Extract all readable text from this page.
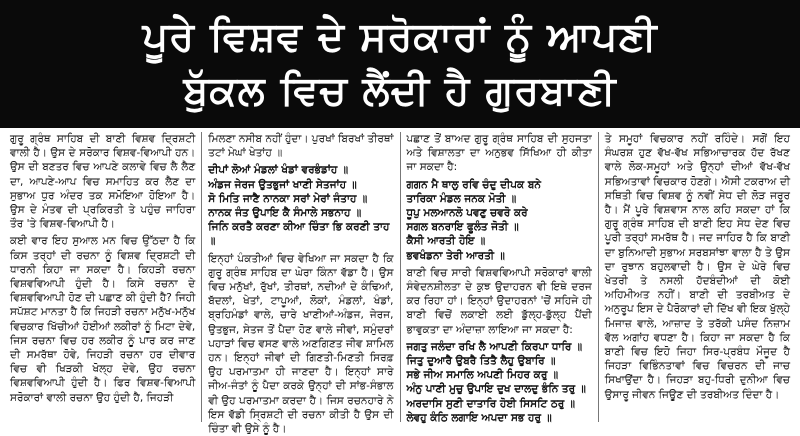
ਪੂਰੇ ਵਿਸ਼ਵ ਦੇ ਸਰੋਕਾਰਾਂ ਨੂੰ ਆਪਣੀ
ਬੁੱਕਲ ਵਿਚ ਲੈਂਦੀ ਹੈ ਗੁਰਬਾਣੀ

ਗੁਰੂ ਗ੍ਰੰਥ ਸਾਹਿਬ ਦੀ ਬਾਣੀ ਵਿਸ਼ਵ ਦ੍ਰਿਸ਼ਟੀ ਵਾਲੀ ਹੈ। ਉਸ ਦੇ ਸਰੋਕਾਰ ਵਿਸ਼ਵ-ਵਿਆਪੀ ਹਨ। ਉਸ ਦੀ ਬਣਤਰ ਵਿਚ ਆਪਣੇ ਕਲਾਵੇ ਵਿਚ ਲੈ ਲੈਣ ਦਾ, ਆਪਣੇ-ਆਪ ਵਿਚ ਸਮਾਹਿਤ ਕਰ ਲੈਣ ਦਾ ਸੁਭਾਅ ਧੁਰ ਅੰਦਰ ਤਕ ਸਮੋਇਆ ਹੋਇਆ ਹੈ। ਉਸ ਦੇ ਮੰਤਵ ਦੀ ਪ੍ਰਕਿਰਤੀ ਤੇ ਪਹੁੰਚ ਜਾਹਿਰਾ ਤੌਰ 'ਤੇ ਵਿਸ਼ਵ-ਵਿਆਪੀ ਹੈ।

ਕਈ ਵਾਰ ਇਹ ਸੁਆਲ ਮਨ ਵਿਚ ਉੱਠਦਾ ਹੈ ਕਿ ਕਿਸ ਤਰ੍ਹਾਂ ਦੀ ਰਚਨਾ ਨੂੰ ਵਿਸ਼ਵ ਦ੍ਰਿਸ਼ਟੀ ਦੀ ਧਾਰਨੀ ਕਿਹਾ ਜਾ ਸਕਦਾ ਹੈ। ਕਿਹੜੀ ਰਚਨਾ ਵਿਸ਼ਵਵਿਆਪੀ ਹੁੰਦੀ ਹੈ। ਕਿਸੇ ਰਚਨਾ ਦੇ ਵਿਸ਼ਵਵਿਆਪੀ ਹੋਣ ਦੀ ਪਛਾਣ ਕੀ ਹੁੰਦੀ ਹੈ? ਜਿਹੀ ਸਪੱਸ਼ਟ ਮਾਨਤਾ ਹੈ ਕਿ ਜਿਹੜੀ ਰਚਨਾ ਮਨੁੱਖ-ਮਨੁੱਖ ਵਿਚਕਾਰ ਖਿੱਚੀਆਂ ਹੋਈਆਂ ਲਕੀਰਾਂ ਨੂੰ ਮਿਟਾ ਦੇਵੇ, ਜਿਸ ਰਚਨਾ ਵਿਚ ਹਰ ਲਕੀਰ ਨੂੰ ਪਾਰ ਕਰ ਜਾਣ ਦੀ ਸਮਰੱਥਾ ਹੋਵੇ, ਜਿਹੜੀ ਰਚਨਾ ਹਰ ਦੀਵਾਰ ਵਿਚ ਵੀ ਖਿੜਕੀ ਖੋਲ੍ਹ ਦੇਵੇ, ਉਹ ਰਚਨਾ ਵਿਸ਼ਵਵਿਆਪੀ ਹੁੰਦੀ ਹੈ। ਫਿਰ ਵਿਸ਼ਵ-ਵਿਆਪੀ ਸਰੋਕਾਰਾਂ ਵਾਲੀ ਰਚਨਾ ਉਹ ਹੁੰਦੀ ਹੈ, ਜਿਹੜੀ

ਮਿਲਣਾ ਨਸੀਬ ਨਹੀਂ ਹੁੰਦਾ। ਪੁਰਖਾਂ ਬਿਰਖਾਂ ਤੀਰਥਾਂ ਤਟਾਂ ਮੇਘਾਂ ਖੇਤਾਂਹ ॥

ਦੀਪਾਂ ਲੋਆਂ ਮੰਡਲਾਂ ਖੰਡਾਂ ਵਰਭੰਡਾਂਹ ॥

ਅੰਡਜ ਜੇਰਜ ਉਤਭੁਜਾਂ ਖਾਣੀ ਸੇਤਜਾਂਹ ॥

ਸੋ ਮਿਤਿ ਜਾਣੈ ਨਾਨਕਾ ਸਰਾਂ ਮੇਰਾਂ ਜੰਤਾਹ ॥

ਨਾਨਕ ਜੰਤ ਉਪਾਇ ਕੈ ਸੰਮਾਲੇ ਸਭਨਾਹ ॥

ਜਿਨਿ ਕਰਤੈ ਕਰਣਾ ਕੀਆ ਚਿੰਤਾ ਭਿ ਕਰਣੀ ਤਾਹ ॥

ਇਨ੍ਹਾਂ ਪੰਕਤੀਆਂ ਵਿਚ ਵੇਖਿਆ ਜਾ ਸਕਦਾ ਹੈ ਕਿ ਗੁਰੂ ਗ੍ਰੰਥ ਸਾਹਿਬ ਦਾ ਘੇਰਾ ਕਿੰਨਾ ਵੱਡਾ ਹੈ। ਉਸ ਵਿਚ ਮਨੁੱਖਾਂ, ਰੁੱਖਾਂ, ਤੀਰਥਾਂ, ਨਦੀਆਂ ਦੇ ਕੰਢਿਆਂ, ਬੱਦਲਾਂ, ਖੇਤਾਂ, ਟਾਪੂਆਂ, ਲੋਕਾਂ, ਮੰਡਲਾਂ, ਖੰਡਾਂ, ਬ੍ਰਹਿਮੰਡਾਂ ਵਾਲੇ, ਚਾਰੇ ਖਾਣੀਆਂ-ਅੰਡਜ, ਜੇਰਜ, ਉਤਭੁਜ, ਸੇਤਜ ਤੋਂ ਪੈਦਾ ਹੋਣ ਵਾਲੇ ਜੀਵਾਂ, ਸਮੁੰਦਰਾਂ ਪਹਾੜਾਂ ਵਿਚ ਵਸਣ ਵਾਲੇ ਅਣਗਿਣਤ ਜੀਵ ਸ਼ਾਮਿਲ ਹਨ। ਇਨ੍ਹਾਂ ਜੀਵਾਂ ਦੀ ਗਿਣਤੀ-ਮਿਣਤੀ ਸਿਰਫ਼ ਉਹ ਪਰਮਾਤਮਾ ਹੀ ਜਾਣਦਾ ਹੈ। ਇਨ੍ਹਾਂ ਸਾਰੇ ਜੀਅ-ਜੰਤਾਂ ਨੂੰ ਪੈਦਾ ਕਰਕੇ ਉਨ੍ਹਾਂ ਦੀ ਸਾਂਭ-ਸੰਭਾਲ ਵੀ ਉਹ ਪਰਮਾਤਮਾ ਕਰਦਾ ਹੈ। ਜਿਸ ਰਚਨਹਾਰੇ ਨੇ ਇਸ ਵੱਡੀ ਸ੍ਰਿਸ਼ਟੀ ਦੀ ਰਚਨਾ ਕੀਤੀ ਹੈ ਉਸ ਦੀ ਚਿੰਤਾ ਵੀ ਉਸੇ ਨੂੰ ਹੈ।

ਪਛਾਣ ਤੋਂ ਬਾਅਦ ਗੁਰੂ ਗ੍ਰੰਥ ਸਾਹਿਬ ਦੀ ਸੁਹਜਤਾ ਅਤੇ ਵਿਸ਼ਾਲਤਾ ਦਾ ਅਨੁਭਵ ਸਿੱਖਿਆ ਹੀ ਕੀਤਾ ਜਾ ਸਕਦਾ ਹੈ:

ਗਗਨ ਮੈ ਥਾਲੁ ਰਵਿ ਚੰਦੁ ਦੀਪਕ ਬਨੇ

ਤਾਰਿਕਾ ਮੰਡਲ ਜਨਕ ਮੋਤੀ ॥

ਧੂਪੁ ਮਲਆਨਲੋ ਪਵਣੁ ਚਵਰੋ ਕਰੇ

ਸਗਲ ਬਨਰਾਇ ਫੂਲੰਤ ਜੋਤੀ ॥

ਕੈਸੀ ਆਰਤੀ ਹੋਇ ॥

ਭਵਖੰਡਨਾ ਤੇਰੀ ਆਰਤੀ ॥

ਬਾਣੀ ਵਿਚ ਸਾਰੀ ਵਿਸ਼ਵਵਿਆਪੀ ਸਰੋਕਾਰਾਂ ਵਾਲੀ ਸੰਵੇਦਨਸ਼ੀਲਤਾ ਦੇ ਕੁਝ ਉਦਾਹਰਨ ਵੀ ਇਥੇ ਦਰਜ ਕਰ ਰਿਹਾ ਹਾਂ। ਇਨ੍ਹਾਂ ਉਦਾਹਰਨਾਂ 'ਚੋਂ ਸਹਿਜੇ ਹੀ ਬਾਣੀ ਵਿਚੋਂ ਲਕਾਈ ਲਈ ਡੁੱਲ੍ਹ-ਡੁੱਲ੍ਹ ਪੈਂਦੀ ਭਾਵੁਕਤਾ ਦਾ ਅੰਦਾਜ਼ਾ ਲਾਇਆ ਜਾ ਸਕਦਾ ਹੈ:

ਜਗਤੁ ਜਲੰਦਾ ਰਖਿ ਲੈ ਆਪਣੀ ਕਿਰਪਾ ਧਾਰਿ ॥

ਜਿਤੁ ਦੁਆਰੈ ਉਬਰੈ ਤਿਤੈ ਲੈਹੁ ਉਬਾਰਿ ॥

ਸਭੇ ਜੀਅ ਸਮਾਲਿ ਅਪਣੀ ਮਿਹਰ ਕਰੁ ॥

ਅੰਨੁ ਪਾਣੀ ਮੁਚੁ ਉਪਾਇ ਦੁਖ ਦਾਲਦੁ ਭੰਨਿ ਤਰੁ ॥

ਅਰਦਾਸਿ ਸੁਣੀ ਦਾਤਾਰਿ ਹੋਈ ਸਿਸਟਿ ਠਰੁ ॥

ਲੇਵਹੁ ਕੰਠਿ ਲਗਾਇ ਅਪਦਾ ਸਭ ਹਰੁ ॥

ਤੇ ਸਮੂਹਾਂ ਵਿਚਕਾਰ ਨਹੀਂ ਰਹਿੰਦੇ। ਸਗੋਂ ਇਹ ਸੰਘਰਸ਼ ਹੁਣ ਵੱਖ-ਵੱਖ ਸਭਿਆਚਾਰਕ ਹੱਦ ਰੱਖਣ ਵਾਲੇ ਲੋਕ-ਸਮੂਹਾਂ ਅਤੇ ਉਨ੍ਹਾਂ ਦੀਆਂ ਵੱਖ-ਵੱਖ ਸਭਿਅਤਾਵਾਂ ਵਿਚਕਾਰ ਹੋਣਗੇ। ਐਸੀ ਟਕਰਾਅ ਦੀ ਸਥਿਤੀ ਵਿਚ ਵਿਸ਼ਵ ਨੂੰ ਨਵੀਂ ਸੇਧ ਦੀ ਲੋੜ ਜਰੂਰ ਹੈ। ਮੈਂ ਪੂਰੇ ਵਿਸ਼ਵਾਸ ਨਾਲ ਕਹਿ ਸਕਦਾ ਹਾਂ ਕਿ ਗੁਰੂ ਗ੍ਰੰਥ ਸਾਹਿਬ ਦੀ ਬਾਣੀ ਇਹ ਸੇਧ ਦੇਣ ਵਿਚ ਪੂਰੀ ਤਰ੍ਹਾਂ ਸਮਰੱਥ ਹੈ। ਜਦ ਜਾਹਿਰ ਹੈ ਕਿ ਬਾਣੀ ਦਾ ਬੁਨਿਆਦੀ ਸੁਭਾਅ ਸਰਬਸਾਂਝਾ ਵਾਲਾ ਹੈ ਤੇ ਉਸ ਦਾ ਰੁਝਾਨ ਬਹੁਲਵਾਦੀ ਹੈ। ਉਸ ਦੇ ਘੇਰੇ ਵਿਚ ਖੇਤਰੀ ਤੇ ਨਸਲੀ ਹੱਦਬੰਦੀਆਂ ਦੀ ਕੋਈ ਅਹਿਮੀਅਤ ਨਹੀਂ। ਬਾਣੀ ਦੀ ਤਰਬੀਅਤ ਦੇ ਅਨੁਰੂਪ ਇਸ ਦੇ ਪੈਰੋਕਾਰਾਂ ਦੀ ਦਿੱਖ ਵੀ ਇਕ ਖੁੱਲ੍ਹੇ ਮਿਜਾਜ਼ ਵਾਲੇ, ਆਜ਼ਾਦ ਤੇ ਤਰੱਕੀ ਪਸੰਦ ਨਿਜ਼ਾਮ ਵੱਲ ਅਗਾਂਹ ਵਧਣਾ ਹੈ। ਕਿਹਾ ਜਾ ਸਕਦਾ ਹੈ ਕਿ ਬਾਣੀ ਵਿਚ ਇਹੋ ਜਿਹਾ ਸਿਰ-ਪ੍ਰਬੰਧ ਮੌਜੂਦ ਹੈ ਜਿਹੜਾ ਵਿਭਿੰਨਤਾਵਾਂ ਵਿਚ ਵਿਚਰਨ ਦੀ ਜਾਚ ਸਿਖਾਉਂਦਾ ਹੈ। ਜਿਹੜਾ ਬਹੁ-ਧਿਰੀ ਦੁਨੀਆ ਵਿਚ ਉਸਾਰੂ ਜੀਵਨ ਜਿਊਣ ਦੀ ਤਰਬੀਅਤ ਦਿੰਦਾ ਹੈ।
